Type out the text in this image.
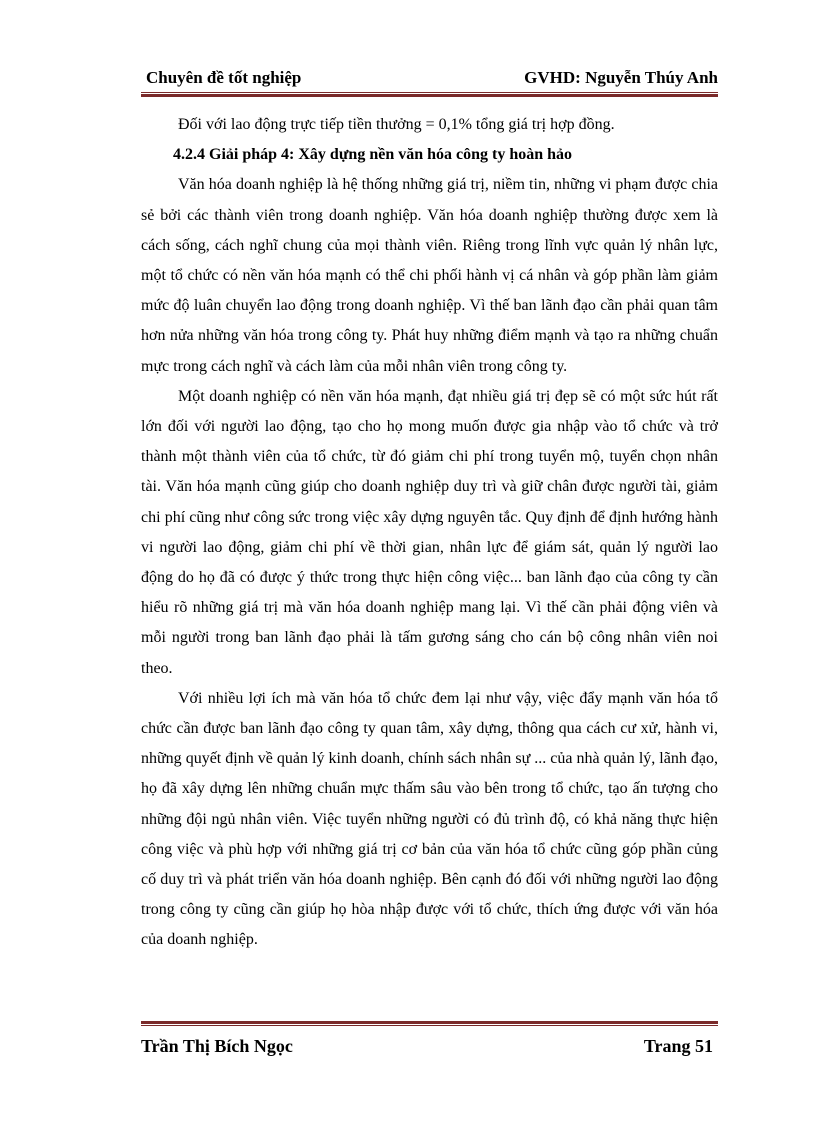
Chuyên đề tốt nghiệp	GVHD: Nguyễn Thúy Anh

Đối với lao động trực tiếp tiền thưởng = 0,1% tổng giá trị hợp đồng.

4.2.4 Giải pháp 4: Xây dựng nền văn hóa công ty hoàn hảo

Văn hóa doanh nghiệp là hệ thống những giá trị, niềm tin, những vi phạm được chia sẻ bởi các thành viên trong doanh nghiệp. Văn hóa doanh nghiệp thường được xem là cách sống, cách nghĩ chung của mọi thành viên. Riêng trong lĩnh vực quản lý nhân lực, một tổ chức có nền văn hóa mạnh có thể chi phối hành vị cá nhân và góp phần làm giảm mức độ luân chuyển lao động trong doanh nghiệp. Vì thế ban lãnh đạo cần phải quan tâm hơn nửa những văn hóa trong công ty. Phát huy những điểm mạnh và tạo ra những chuẩn mực trong cách nghĩ và cách làm của mỗi nhân viên trong công ty.

Một doanh nghiệp có nền văn hóa mạnh, đạt nhiều giá trị đẹp sẽ có một sức hút rất lớn đối với người lao động, tạo cho họ mong muốn được gia nhập vào tổ chức và trở thành một thành viên của tổ chức, từ đó giảm chi phí trong tuyển mộ, tuyển chọn nhân tài. Văn hóa mạnh cũng giúp cho doanh nghiệp duy trì và giữ chân được người tài, giảm chi phí cũng như công sức trong việc xây dựng nguyên tắc. Quy định để định hướng hành vi người lao động, giảm chi phí về thời gian, nhân lực để giám sát, quản lý người lao động do họ đã có được ý thức trong thực hiện công việc... ban lãnh đạo của công ty cần hiểu rõ những giá trị mà văn hóa doanh nghiệp mang lại. Vì thế cần phải động viên và mỗi người trong ban lãnh đạo phải là tấm gương sáng cho cán bộ công nhân viên noi theo.

Với nhiều lợi ích mà văn hóa tổ chức đem lại như vậy, việc đẩy mạnh văn hóa tổ chức cần được ban lãnh đạo công ty quan tâm, xây dựng, thông qua cách cư xử, hành vi, những quyết định về quản lý kinh doanh, chính sách nhân sự ... của nhà quản lý, lãnh đạo, họ đã xây dựng lên những chuẩn mực thấm sâu vào bên trong tổ chức, tạo ấn tượng cho những đội ngủ nhân viên. Việc tuyển những người có đủ trình độ, có khả năng thực hiện công việc và phù hợp với những giá trị cơ bản của văn hóa tổ chức cũng góp phần củng cố duy trì và phát triển văn hóa doanh nghiệp. Bên cạnh đó đối với những người lao động trong công ty cũng cần giúp họ hòa nhập được với tổ chức, thích ứng được với văn hóa của doanh nghiệp.

Trần Thị Bích Ngọc	Trang 51
